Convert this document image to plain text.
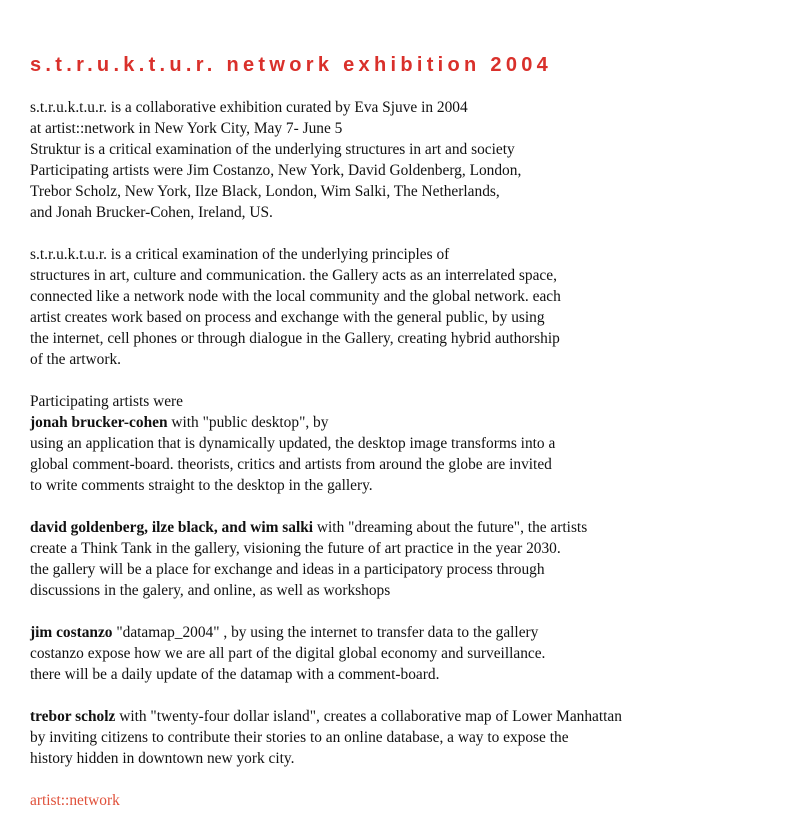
s.t.r.u.k.t.u.r. network exhibition 2004
s.t.r.u.k.t.u.r. is a collaborative exhibition curated by Eva Sjuve in 2004
at artist::network in New York City, May 7- June 5
Struktur is a critical examination of the underlying structures in art and society
Participating artists were Jim Costanzo, New York, David Goldenberg, London,
Trebor Scholz, New York, Ilze Black, London, Wim Salki, The Netherlands,
and Jonah Brucker-Cohen, Ireland, US.
s.t.r.u.k.t.u.r. is a critical examination of the underlying principles of
structures in art, culture and communication. the Gallery acts as an interrelated space,
connected like a network node with the local community and the global network. each
artist creates work based on process and exchange with the general public, by using
the internet, cell phones or through dialogue in the Gallery, creating hybrid authorship
of the artwork.
Participating artists were
jonah brucker-cohen with "public desktop", by
using an application that is dynamically updated, the desktop image transforms into a
global comment-board. theorists, critics and artists from around the globe are invited
to write comments straight to the desktop in the gallery.
david goldenberg, ilze black, and wim salki with "dreaming about the future", the artists
create a Think Tank in the gallery, visioning the future of art practice in the year 2030.
the gallery will be a place for exchange and ideas in a participatory process through
discussions in the galery, and online, as well as workshops
jim costanzo "datamap_2004" , by using the internet to transfer data to the gallery
costanzo expose how we are all part of the digital global economy and surveillance.
there will be a daily update of the datamap with a comment-board.
trebor scholz with "twenty-four dollar island", creates a collaborative map of Lower Manhattan
by inviting citizens to contribute their stories to an online database, a way to expose the
history hidden in downtown new york city.
artist::network
